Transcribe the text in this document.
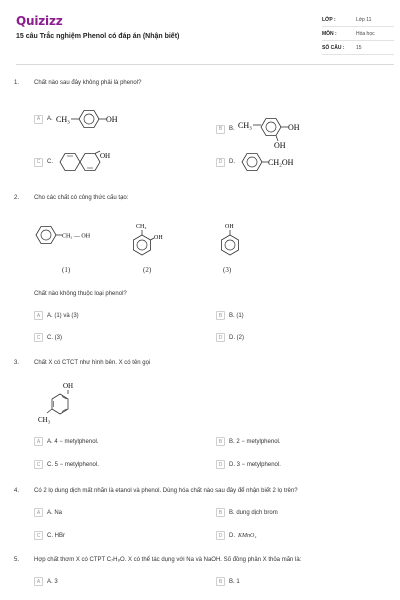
Quizizz
15 câu Trắc nghiệm Phenol có đáp án (Nhận biết)
LỚP :	Lớp 11
MÔN :	Hóa học
SỐ CÂU :	15
1. Chất nào sau đây không phải là phenol?
A	A. CH₃	OH
B	B. CH₃	OH
OH
C	C.
OH
D	D.	CH₂OH
2. Cho các chất có công thức cấu tạo:
CH₂ — OH
(1)
CH₃
OH
(2)
OH
(3)
Chất nào không thuộc loại phenol?
A	A. (1) và (3)	B	B. (1)
C	C. (3)	D	D. (2)
3. Chất X có CTCT như hình bên. X có tên gọi
OH
CH₃
A	A. 4 − metylphenol.	B	B. 2 − metylphenol.
C	C. 5 − metylphenol.	D	D. 3 − metylphenol.
4. Có 2 lọ dung dịch mất nhãn là etanol và phenol. Dùng hóa chất nào sau đây để nhận biết 2 lọ trên?
A	A. Na	B	B. dung dịch brom
C	C. HBr	D	D. KMnO₄
5. Hợp chất thơm X có CTPT C₇H₈O. X có thể tác dụng với Na và NaOH. Số đồng phân X thỏa mãn là:
A	A. 3	B	B. 1
